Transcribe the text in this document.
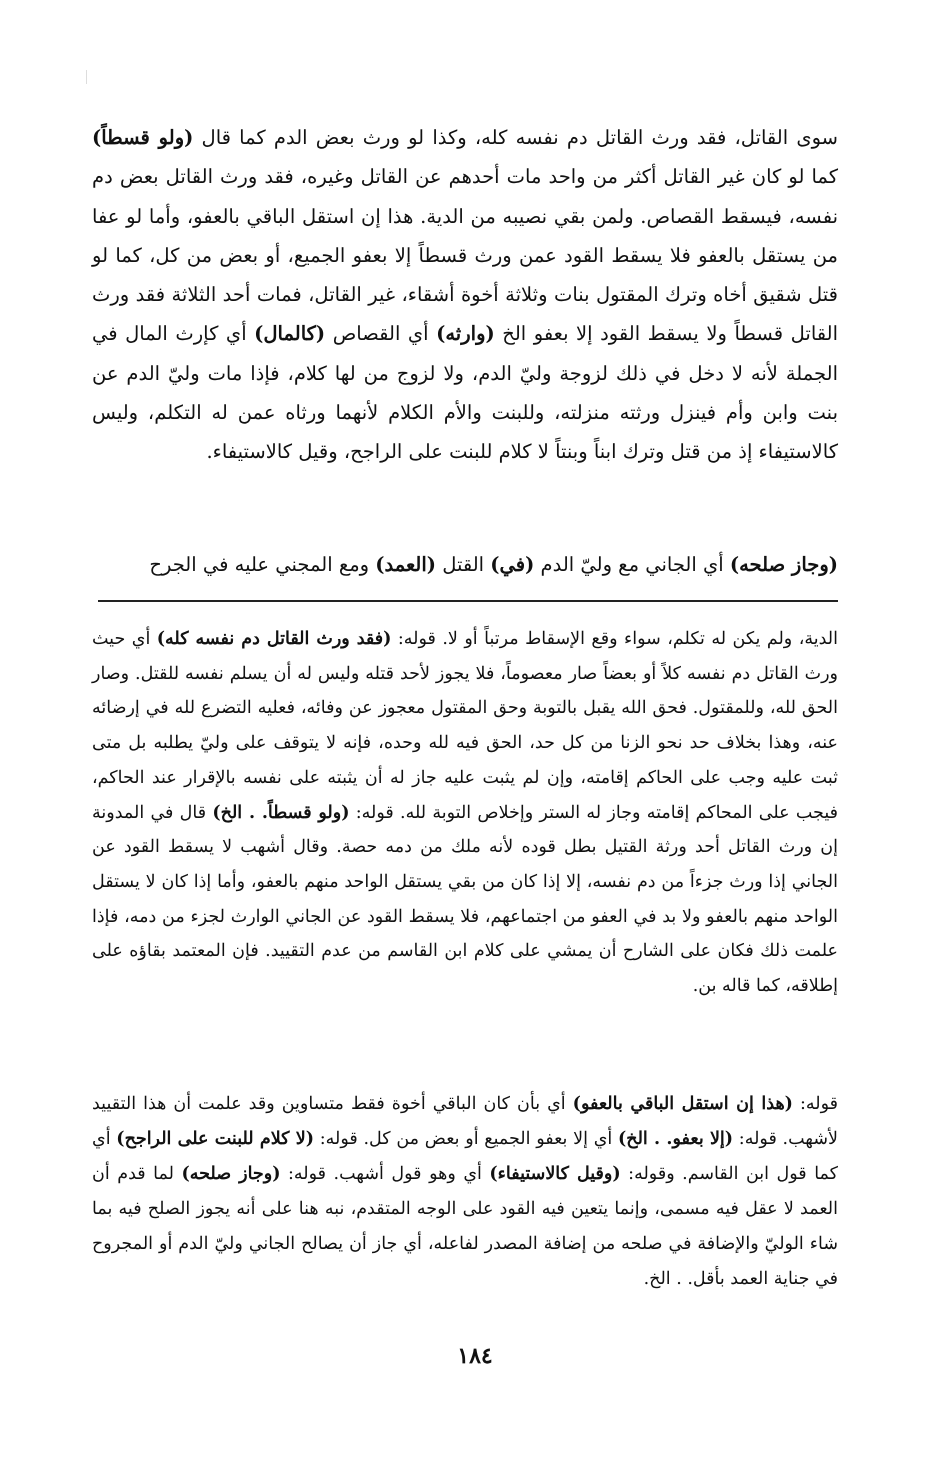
سوى القاتل، فقد ورث القاتل دم نفسه كله، وكذا لو ورث بعض الدم كما قال (ولو قسطاً) كما لو كان غير القاتل أكثر من واحد مات أحدهم عن القاتل وغيره، فقد ورث القاتل بعض دم نفسه، فيسقط القصاص. ولمن بقي نصيبه من الدية. هذا إن استقل الباقي بالعفو، وأما لو عفا من يستقل بالعفو فلا يسقط القود عمن ورث قسطاً إلا بعفو الجميع، أو بعض من كل، كما لو قتل شقيق أخاه وترك المقتول بنات وثلاثة أخوة أشقاء، غير القاتل، فمات أحد الثلاثة فقد ورث القاتل قسطاً ولا يسقط القود إلا بعفو الخ (وارثه) أي القصاص (كالمال) أي كإرث المال في الجملة لأنه لا دخل في ذلك لزوجة وليّ الدم، ولا لزوج من لها كلام، فإذا مات وليّ الدم عن بنت وابن وأم فينزل ورثته منزلته، وللبنت والأم الكلام لأنهما ورثاه عمن له التكلم، وليس كالاستيفاء إذ من قتل وترك ابناً وبنتاً لا كلام للبنت على الراجح، وقيل كالاستيفاء.

(وجاز صلحه) أي الجاني مع وليّ الدم (في) القتل (العمد) ومع المجني عليه في الجرح

الدية، ولم يكن له تكلم، سواء وقع الإسقاط مرتباً أو لا. قوله: (فقد ورث القاتل دم نفسه كله) أي حيث ورث القاتل دم نفسه كلاً أو بعضاً صار معصوماً، فلا يجوز لأحد قتله وليس له أن يسلم نفسه للقتل. وصار الحق لله، وللمقتول. فحق الله يقبل بالتوبة وحق المقتول معجوز عن وفائه، فعليه التضرع لله في إرضائه عنه، وهذا بخلاف حد نحو الزنا من كل حد، الحق فيه لله وحده، فإنه لا يتوقف على وليّ يطلبه بل متى ثبت عليه وجب على الحاكم إقامته، وإن لم يثبت عليه جاز له أن يثبته على نفسه بالإقرار عند الحاكم، فيجب على المحاكم إقامته وجاز له الستر وإخلاص التوبة لله. قوله: (ولو قسطاً. . الخ) قال في المدونة إن ورث القاتل أحد ورثة القتيل بطل قوده لأنه ملك من دمه حصة. وقال أشهب لا يسقط القود عن الجاني إذا ورث جزءاً من دم نفسه، إلا إذا كان من بقي يستقل الواحد منهم بالعفو، وأما إذا كان لا يستقل الواحد منهم بالعفو ولا بد في العفو من اجتماعهم، فلا يسقط القود عن الجاني الوارث لجزء من دمه، فإذا علمت ذلك فكان على الشارح أن يمشي على كلام ابن القاسم من عدم التقييد. فإن المعتمد بقاؤه على إطلاقه، كما قاله بن.

قوله: (هذا إن استقل الباقي بالعفو) أي بأن كان الباقي أخوة فقط متساوين وقد علمت أن هذا التقييد لأشهب. قوله: (إلا بعفو. . الخ) أي إلا بعفو الجميع أو بعض من كل. قوله: (لا كلام للبنت على الراجح) أي كما قول ابن القاسم. وقوله: (وقيل كالاستيفاء) أي وهو قول أشهب. قوله: (وجاز صلحه) لما قدم أن العمد لا عقل فيه مسمى، وإنما يتعين فيه القود على الوجه المتقدم، نبه هنا على أنه يجوز الصلح فيه بما شاء الوليّ والإضافة في صلحه من إضافة المصدر لفاعله، أي جاز أن يصالح الجاني وليّ الدم أو المجروح في جناية العمد بأقل. . الخ.

١٨٤
